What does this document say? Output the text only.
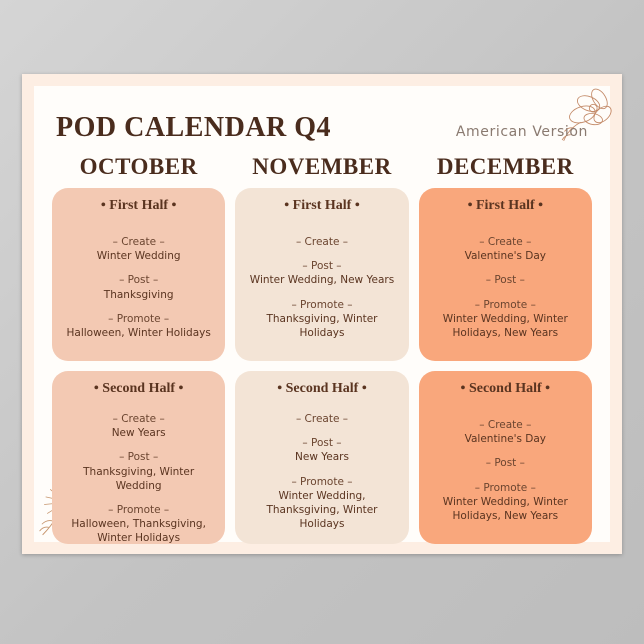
POD CALENDAR Q4	American Version
OCTOBER
• First Half •
– Create –
Winter Wedding
– Post –
Thanksgiving
– Promote –
Halloween, Winter Holidays
• Second Half •
– Create –
New Years
– Post –
Thanksgiving, Winter Wedding
– Promote –
Halloween, Thanksgiving, Winter Holidays
NOVEMBER
• First Half •
– Create –
– Post –
Winter Wedding, New Years
– Promote –
Thanksgiving, Winter Holidays
• Second Half •
– Create –
– Post –
New Years
– Promote –
Winter Wedding, Thanksgiving, Winter Holidays
DECEMBER
• First Half •
– Create –
Valentine's Day
– Post –
– Promote –
Winter Wedding, Winter Holidays, New Years
• Second Half •
– Create –
Valentine's Day
– Post –
– Promote –
Winter Wedding, Winter Holidays, New Years
